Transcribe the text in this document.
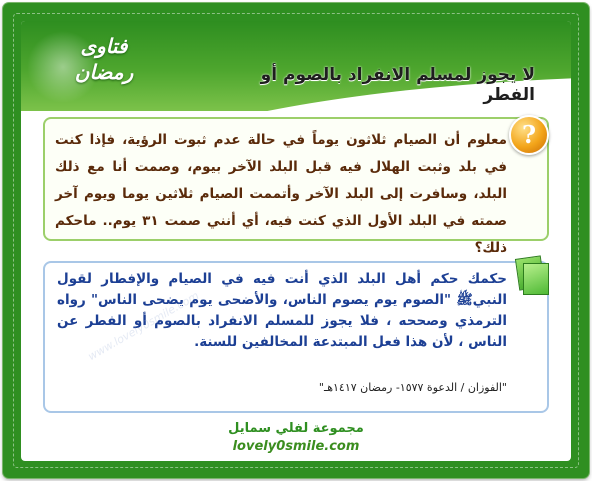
فتاوى
رمضان	لا يجوز لمسلم الانفراد بالصوم أو الفطر
?
معلوم أن الصيام ثلاثون يوماً في حالة عدم ثبوت الرؤية، فإذا كنت في بلد وثبت الهلال فيه قبل البلد الآخر بيوم، وصمت أنا مع ذلك البلد، وسافرت إلى البلد الآخر وأتممت الصيام ثلاثين يوما ويوم آخر صمته في البلد الأول الذي كنت فيه، أي أنني صمت ٣١ يوم.. ماحكم ذلك؟
حكمك حكم أهل البلد الذي أنت فيه في الصيام والإفطار لقول النبيﷺ "الصوم يوم يصوم الناس، والأضحى يوم يضحى الناس" رواه الترمذي وصححه ، فلا يجوز للمسلم الانفراد بالصوم أو الفطر عن الناس ، لأن هذا فعل المبتدعة المخالفين للسنة.
"الفوزان / الدعوة ١٥٧٧- رمضان ١٤١٧هـ"
www.lovely0smile.com
مجموعة لفلي سمايل
lovely0smile.com
